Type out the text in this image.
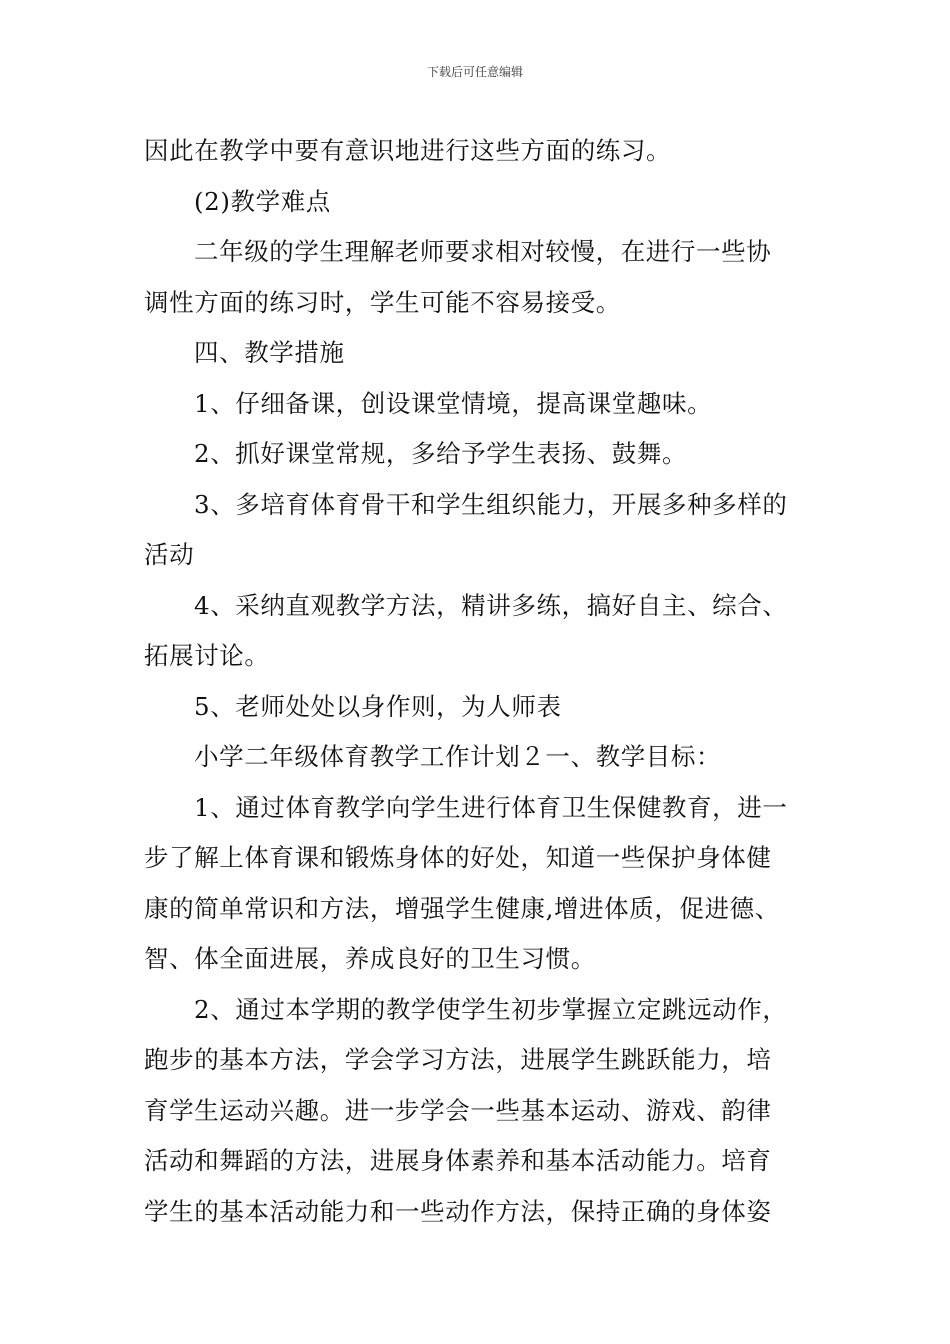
下载后可任意编辑
因此在教学中要有意识地进行这些方面的练习。
(2)教学难点
二年级的学生理解老师要求相对较慢，在进行一些协
调性方面的练习时，学生可能不容易接受。
四、教学措施
1、仔细备课，创设课堂情境，提高课堂趣味。
2、抓好课堂常规，多给予学生表扬、鼓舞。
3、多培育体育骨干和学生组织能力，开展多种多样的
活动
4、采纳直观教学方法，精讲多练，搞好自主、综合、
拓展讨论。
5、老师处处以身作则，为人师表
小学二年级体育教学工作计划２一、教学目标：
1、通过体育教学向学生进行体育卫生保健教育，进一
步了解上体育课和锻炼身体的好处，知道一些保护身体健
康的简单常识和方法，增强学生健康,增进体质，促进德、
智、体全面进展，养成良好的卫生习惯。
2、通过本学期的教学使学生初步掌握立定跳远动作，
跑步的基本方法，学会学习方法，进展学生跳跃能力，培
育学生运动兴趣。进一步学会一些基本运动、游戏、韵律
活动和舞蹈的方法，进展身体素养和基本活动能力。培育
学生的基本活动能力和一些动作方法，保持正确的身体姿
